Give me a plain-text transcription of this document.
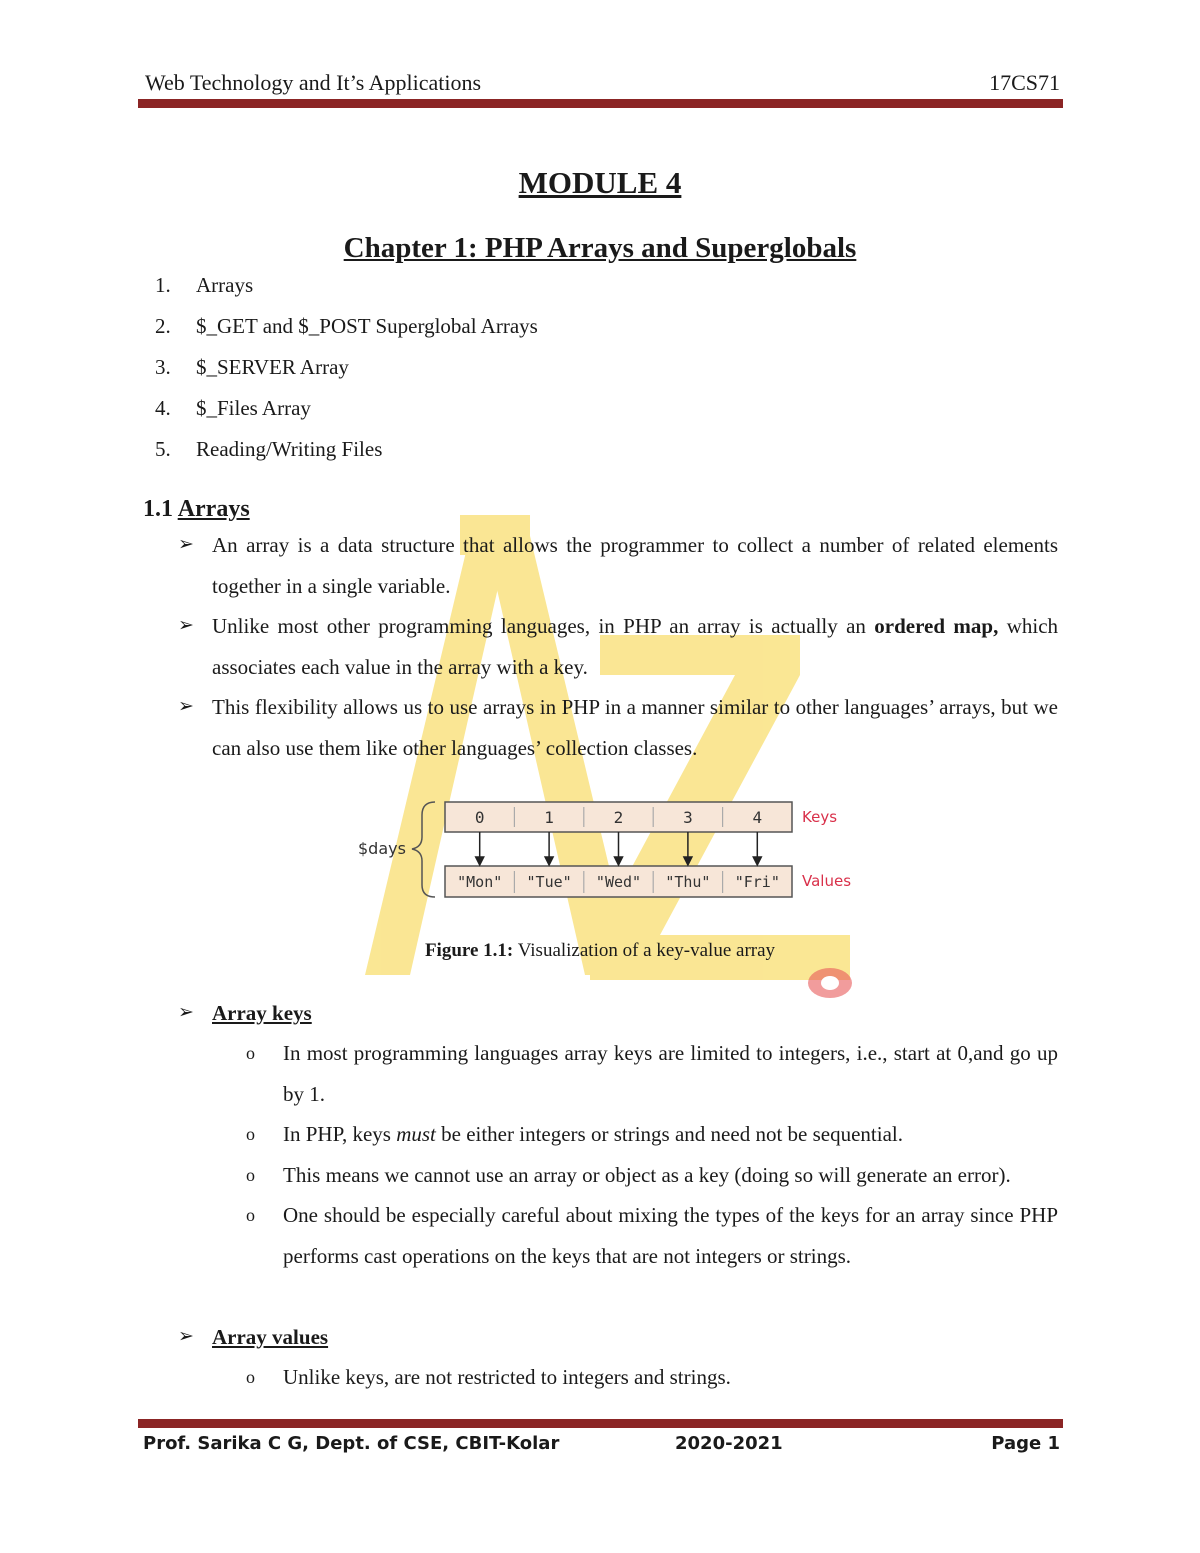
Web Technology and It’s Applications	17CS71
MODULE 4
Chapter 1: PHP Arrays and Superglobals
1.	Arrays
2.	$_GET and $_POST Superglobal Arrays
3.	$_SERVER Array
4.	$_Files Array
5.	Reading/Writing Files
1.1 Arrays
➢ An array is a data structure that allows the programmer to collect a number of related elements together in a single variable.
➢ Unlike most other programming languages, in PHP an array is actually an ordered map, which associates each value in the array with a key.
➢ This flexibility allows us to use arrays in PHP in a manner similar to other languages’ arrays, but we can also use them like other languages’ collection classes.
$days
0	1	2	3	4
"Mon" "Tue" "Wed" "Thu" "Fri"
Keys
Values
Figure 1.1: Visualization of a key-value array
➢ Array keys
o	In most programming languages array keys are limited to integers, i.e., start at 0,and go up by 1.
o	In PHP, keys must be either integers or strings and need not be sequential.
o	This means we cannot use an array or object as a key (doing so will generate an error).
o	One should be especially careful about mixing the types of the keys for an array since PHP performs cast operations on the keys that are not integers or strings.
➢ Array values
o	Unlike keys, are not restricted to integers and strings.
Prof. Sarika C G, Dept. of CSE, CBIT-Kolar	2020-2021	Page 1
